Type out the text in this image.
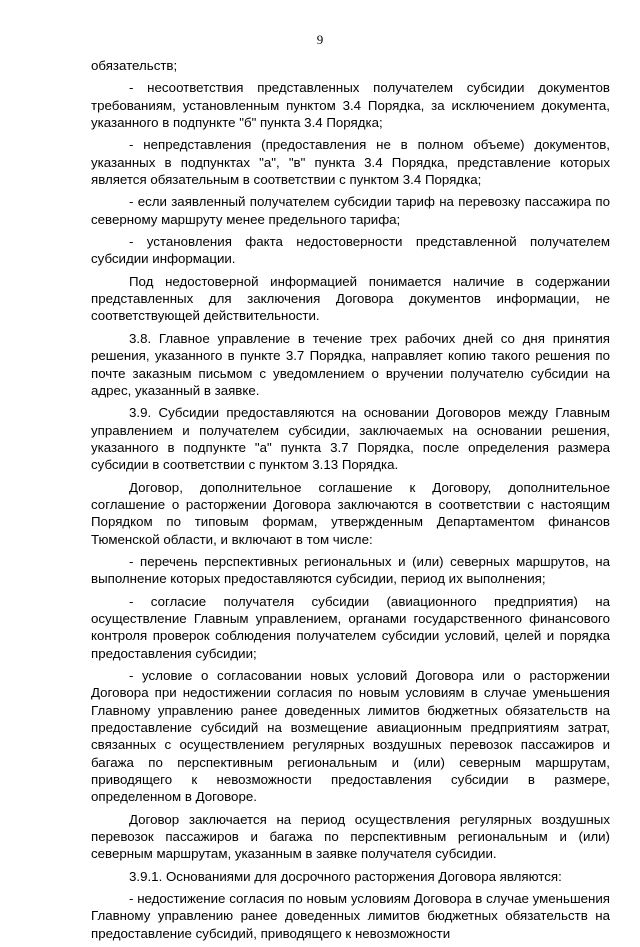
9

обязательств;

- несоответствия представленных получателем субсидии документов требованиям, установленным пунктом 3.4 Порядка, за исключением документа, указанного в подпункте "б" пункта 3.4 Порядка;

- непредставления (предоставления не в полном объеме) документов, указанных в подпунктах "а", "в" пункта 3.4 Порядка, представление которых является обязательным в соответствии с пунктом 3.4 Порядка;

- если заявленный получателем субсидии тариф на перевозку пассажира по северному маршруту менее предельного тарифа;

- установления факта недостоверности представленной получателем субсидии информации.

Под недостоверной информацией понимается наличие в содержании представленных для заключения Договора документов информации, не соответствующей действительности.

3.8. Главное управление в течение трех рабочих дней со дня принятия решения, указанного в пункте 3.7 Порядка, направляет копию такого решения по почте заказным письмом с уведомлением о вручении получателю субсидии на адрес, указанный в заявке.

3.9. Субсидии предоставляются на основании Договоров между Главным управлением и получателем субсидии, заключаемых на основании решения, указанного в подпункте "а" пункта 3.7 Порядка, после определения размера субсидии в соответствии с пунктом 3.13 Порядка.

Договор, дополнительное соглашение к Договору, дополнительное соглашение о расторжении Договора заключаются в соответствии с настоящим Порядком по типовым формам, утвержденным Департаментом финансов Тюменской области, и включают в том числе:

- перечень перспективных региональных и (или) северных маршрутов, на выполнение которых предоставляются субсидии, период их выполнения;

- согласие получателя субсидии (авиационного предприятия) на осуществление Главным управлением, органами государственного финансового контроля проверок соблюдения получателем субсидии условий, целей и порядка предоставления субсидии;

- условие о согласовании новых условий Договора или о расторжении Договора при недостижении согласия по новым условиям в случае уменьшения Главному управлению ранее доведенных лимитов бюджетных обязательств на предоставление субсидий на возмещение авиационным предприятиям затрат, связанных с осуществлением регулярных воздушных перевозок пассажиров и багажа по перспективным региональным и (или) северным маршрутам, приводящего к невозможности предоставления субсидии в размере, определенном в Договоре.

Договор заключается на период осуществления регулярных воздушных перевозок пассажиров и багажа по перспективным региональным и (или) северным маршрутам, указанным в заявке получателя субсидии.

3.9.1. Основаниями для досрочного расторжения Договора являются:

- недостижение согласия по новым условиям Договора в случае уменьшения Главному управлению ранее доведенных лимитов бюджетных обязательств на предоставление субсидий, приводящего к невозможности
